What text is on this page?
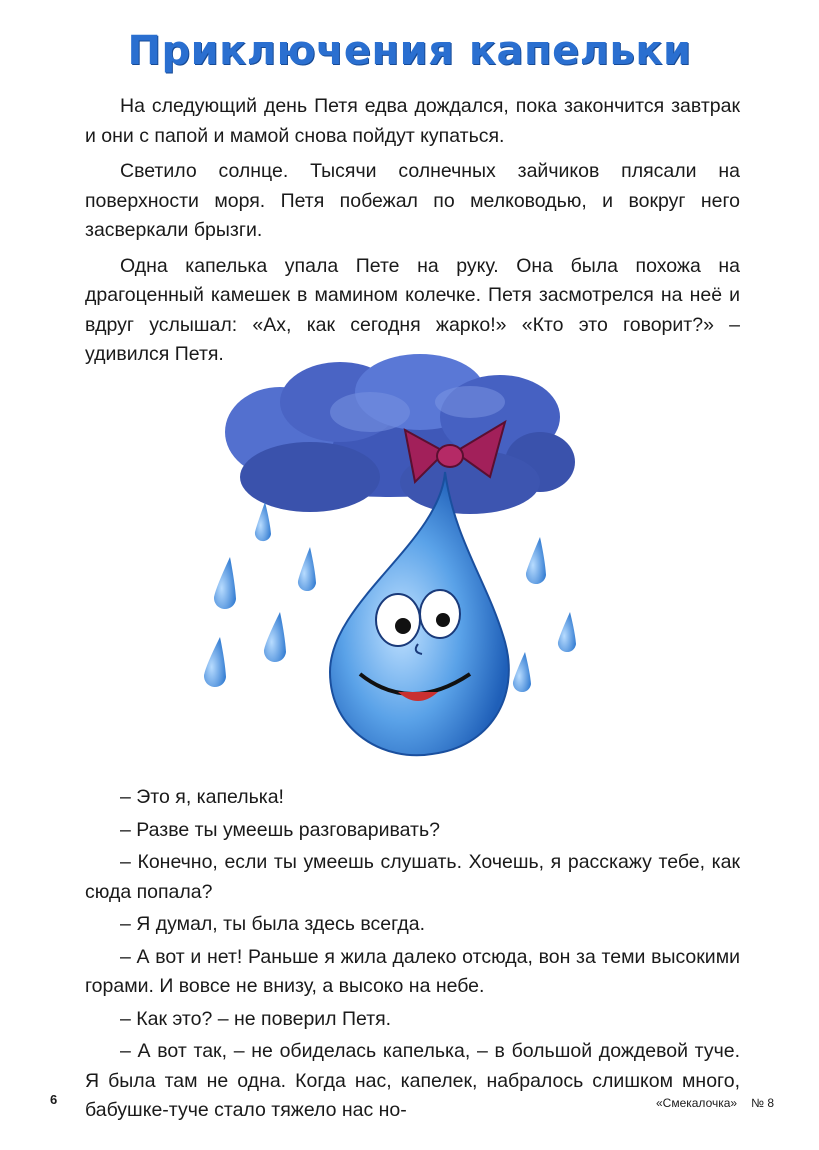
Приключения капельки

На следующий день Петя едва дождался, пока закончится завтрак и они с папой и мамой снова пойдут купаться.

Светило солнце. Тысячи солнечных зайчиков плясали на поверхности моря. Петя побежал по мелководью, и вокруг него засверкали брызги.

Одна капелька упала Пете на руку. Она была похожа на драгоценный камешек в мамином колечке. Петя засмотрелся на неё и вдруг услышал: «Ах, как сегодня жарко!» «Кто это говорит?» – удивился Петя.

– Это я, капелька!

– Разве ты умеешь разговаривать?

– Конечно, если ты умеешь слушать. Хочешь, я расскажу тебе, как сюда попала?

– Я думал, ты была здесь всегда.

– А вот и нет! Раньше я жила далеко отсюда, вон за теми высокими горами. И вовсе не внизу, а высоко на небе.

– Как это? – не поверил Петя.

– А вот так, – не обиделась капелька, – в большой дождевой туче. Я была там не одна. Когда нас, капелек, набралось слишком много, бабушке-туче стало тяжело нас но-

6	«Смекалочка» № 8
